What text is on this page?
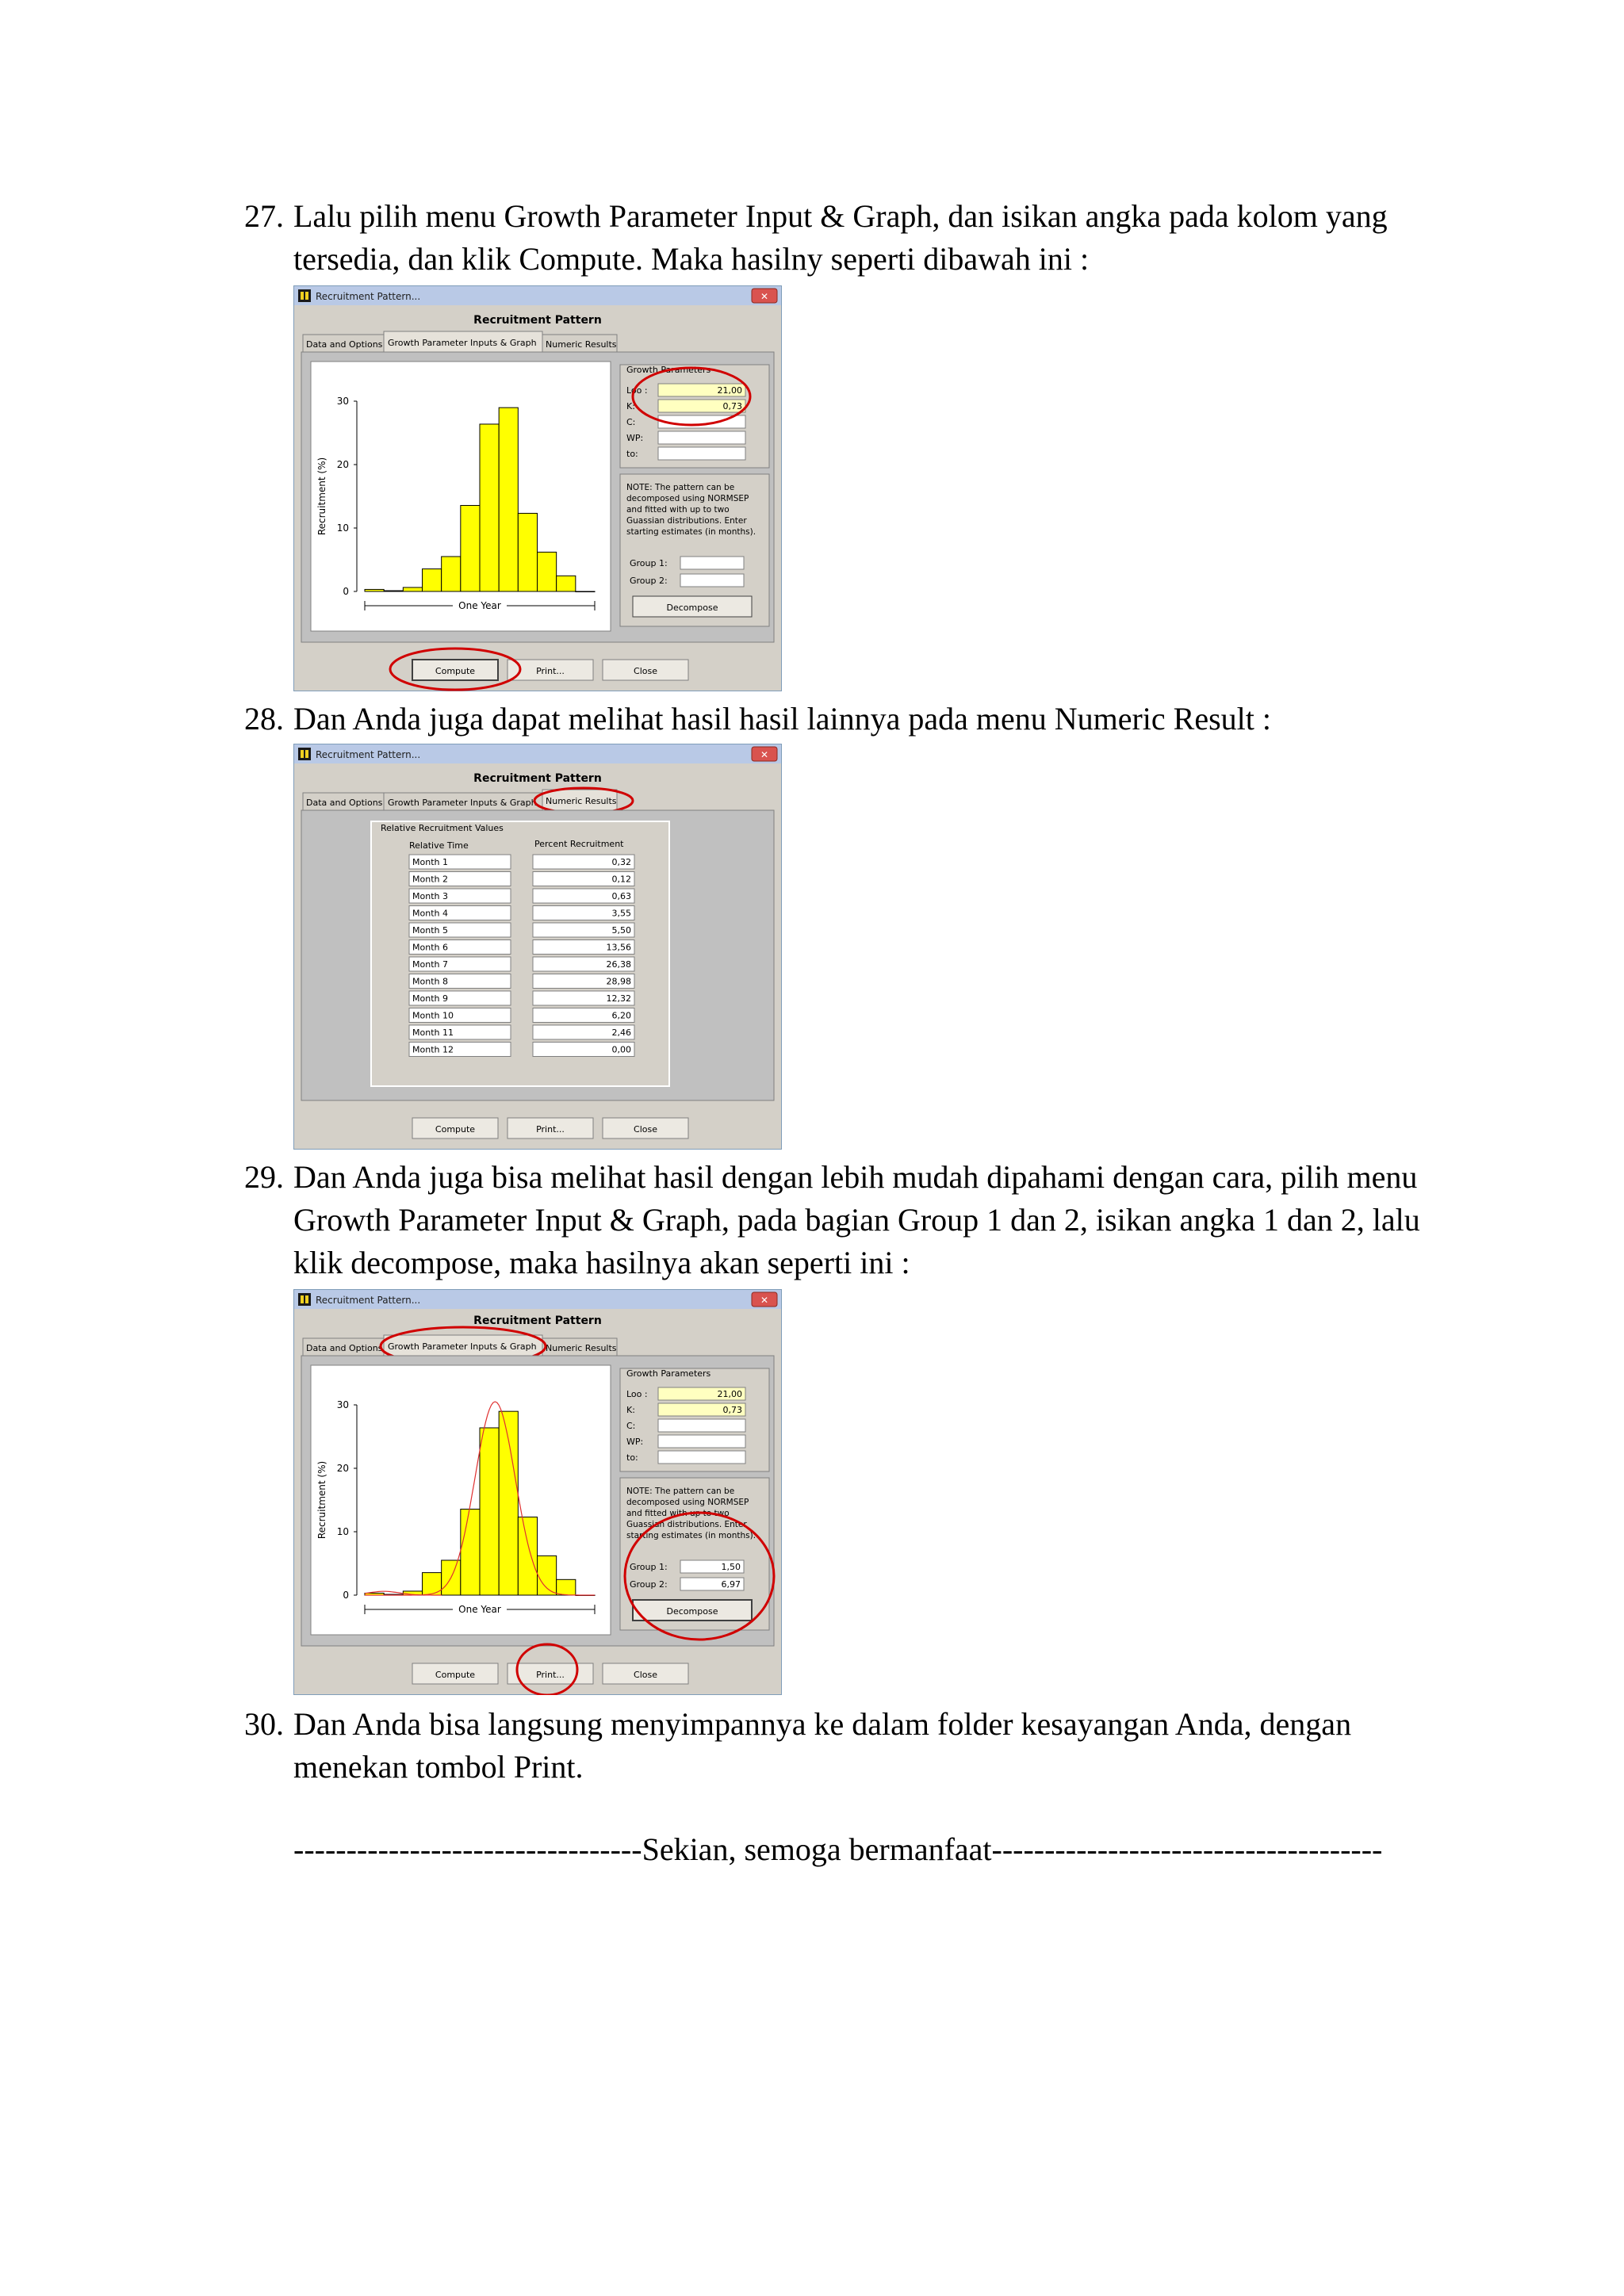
27. Lalu pilih menu Growth Parameter Input & Graph, dan isikan angka pada kolom yang tersedia, dan klik Compute. Maka hasilny seperti dibawah ini :
Recruitment Pattern...	✕
Recruitment Pattern
Data and Options Growth Parameter Inputs & Graph Numeric Results
0
10
20
30
Recruitment (%)
One Year
Growth Parameters
Loo :	21,00
K:	0,73
C:
WP:
to:
NOTE: The pattern can be
decomposed using NORMSEP
and fitted with up to two
Guassian distributions. Enter
starting estimates (in months).
Group 1:
Group 2:
Decompose
Compute	Print...	Close
28. Dan Anda juga dapat melihat hasil hasil lainnya pada menu Numeric Result :
Recruitment Pattern...	✕
Recruitment Pattern
Data and Options Growth Parameter Inputs & Graph Numeric Results
Relative Recruitment Values
Relative Time	Percent Recruitment
Month 1	0,32
Month 2	0,12
Month 3	0,63
Month 4	3,55
Month 5	5,50
Month 6	13,56
Month 7	26,38
Month 8	28,98
Month 9	12,32
Month 10	6,20
Month 11	2,46
Month 12	0,00
Compute	Print...	Close
29. Dan Anda juga bisa melihat hasil dengan lebih mudah dipahami dengan cara, pilih menu Growth Parameter Input & Graph, pada bagian Group 1 dan 2, isikan angka 1 dan 2, lalu klik decompose, maka hasilnya akan seperti ini :
Recruitment Pattern...	✕
Recruitment Pattern
Data and Options Growth Parameter Inputs & Graph Numeric Results
0
10
20
30
Recruitment (%)
One Year
Growth Parameters
Loo :	21,00
K:	0,73
C:
WP:
to:
NOTE: The pattern can be
decomposed using NORMSEP
and fitted with up to two
Guassian distributions. Enter
starting estimates (in months).
Group 1:	1,50
Group 2:	6,97
Decompose
Compute	Print...	Close
30. Dan Anda bisa langsung menyimpannya ke dalam folder kesayangan Anda, dengan menekan tombol Print.
---------------------------------Sekian, semoga bermanfaat-------------------------------------
